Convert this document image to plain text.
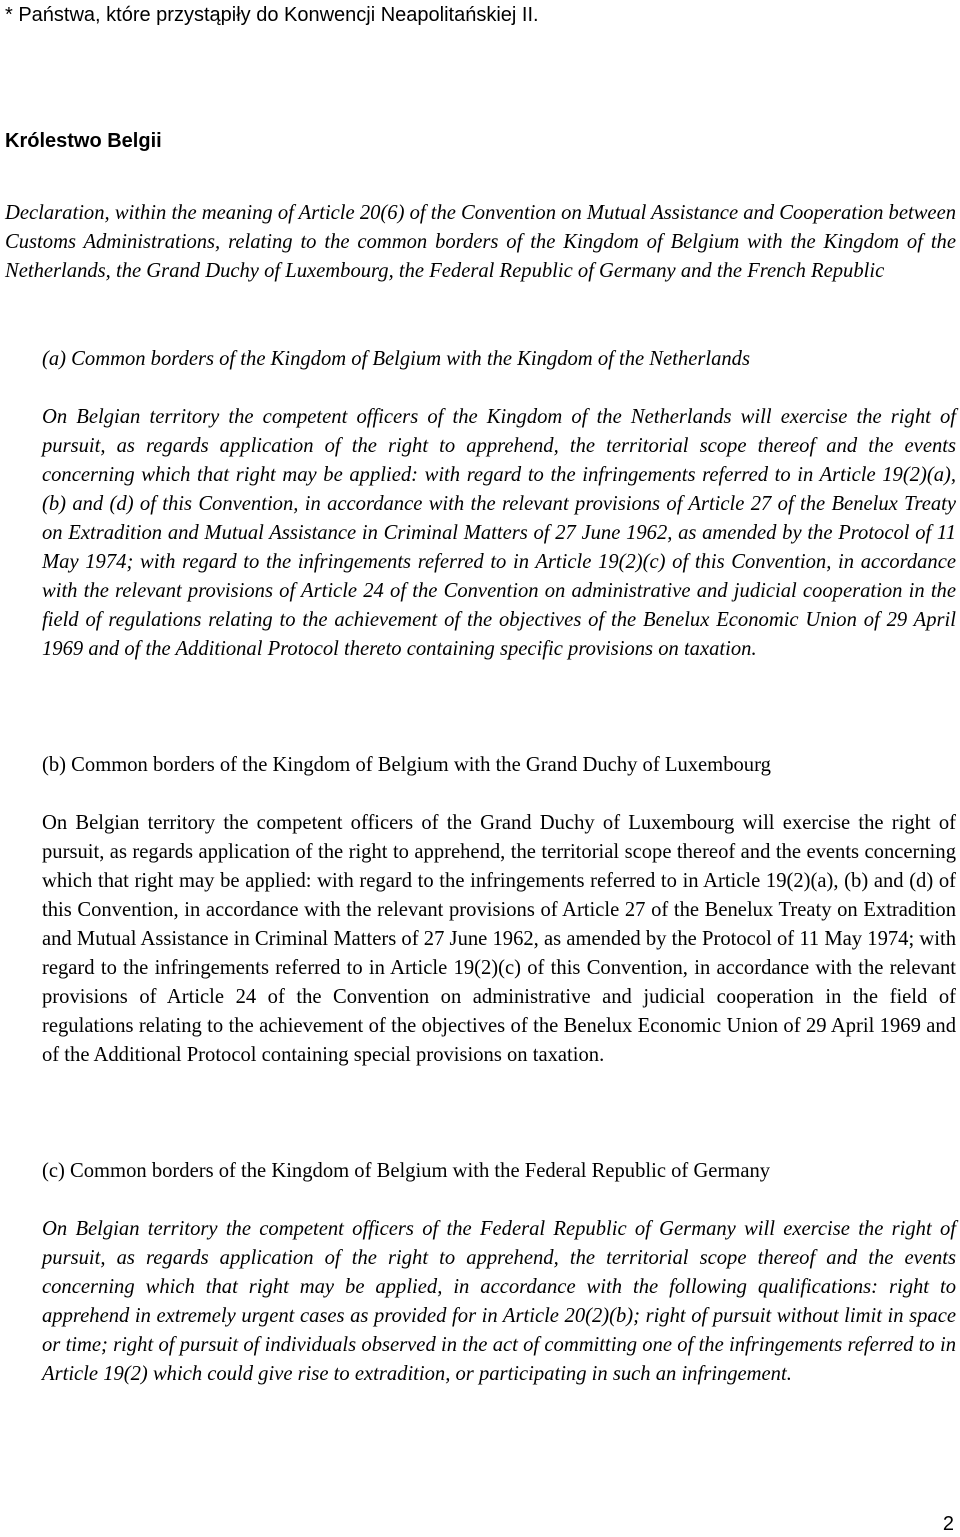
* Państwa, które przystąpiły do Konwencji Neapolitańskiej II.
Królestwo Belgii

Declaration, within the meaning of Article 20(6) of the Convention on Mutual Assistance and Cooperation between Customs Administrations, relating to the common borders of the Kingdom of Belgium with the Kingdom of the Netherlands, the Grand Duchy of Luxembourg, the Federal Republic of Germany and the French Republic

(a) Common borders of the Kingdom of Belgium with the Kingdom of the Netherlands

On Belgian territory the competent officers of the Kingdom of the Netherlands will exercise the right of pursuit, as regards application of the right to apprehend, the territorial scope thereof and the events concerning which that right may be applied: with regard to the infringements referred to in Article 19(2)(a), (b) and (d) of this Convention, in accordance with the relevant provisions of Article 27 of the Benelux Treaty on Extradition and Mutual Assistance in Criminal Matters of 27 June 1962, as amended by the Protocol of 11 May 1974; with regard to the infringements referred to in Article 19(2)(c) of this Convention, in accordance with the relevant provisions of Article 24 of the Convention on administrative and judicial cooperation in the field of regulations relating to the achievement of the objectives of the Benelux Economic Union of 29 April 1969 and of the Additional Protocol thereto containing specific provisions on taxation.

(b) Common borders of the Kingdom of Belgium with the Grand Duchy of Luxembourg

On Belgian territory the competent officers of the Grand Duchy of Luxembourg will exercise the right of pursuit, as regards application of the right to apprehend, the territorial scope thereof and the events concerning which that right may be applied: with regard to the infringements referred to in Article 19(2)(a), (b) and (d) of this Convention, in accordance with the relevant provisions of Article 27 of the Benelux Treaty on Extradition and Mutual Assistance in Criminal Matters of 27 June 1962, as amended by the Protocol of 11 May 1974; with regard to the infringements referred to in Article 19(2)(c) of this Convention, in accordance with the relevant provisions of Article 24 of the Convention on administrative and judicial cooperation in the field of regulations relating to the achievement of the objectives of the Benelux Economic Union of 29 April 1969 and of the Additional Protocol containing special provisions on taxation.

(c) Common borders of the Kingdom of Belgium with the Federal Republic of Germany

On Belgian territory the competent officers of the Federal Republic of Germany will exercise the right of pursuit, as regards application of the right to apprehend, the territorial scope thereof and the events concerning which that right may be applied, in accordance with the following qualifications: right to apprehend in extremely urgent cases as provided for in Article 20(2)(b); right of pursuit without limit in space or time; right of pursuit of individuals observed in the act of committing one of the infringements referred to in Article 19(2) which could give rise to extradition, or participating in such an infringement.

2
